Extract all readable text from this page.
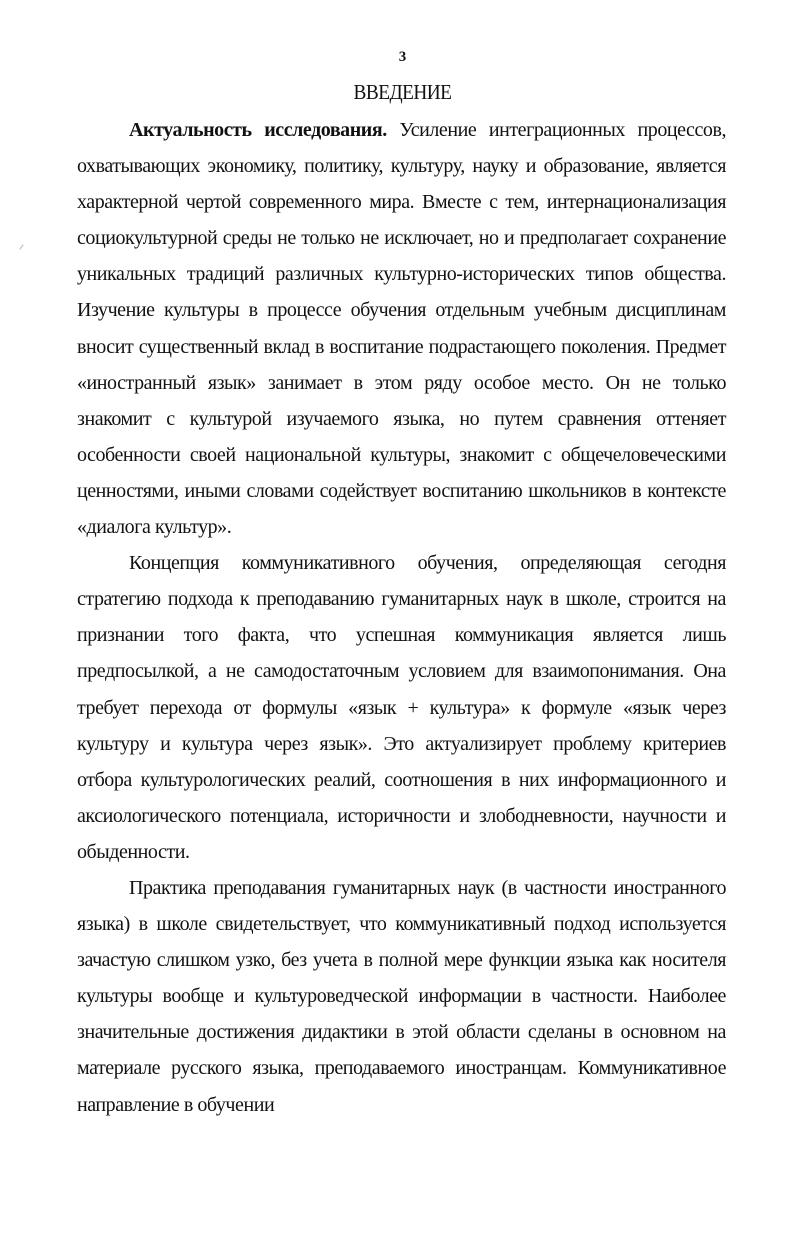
3
ВВЕДЕНИЕ

Актуальность исследования. Усиление интеграционных процессов, охватывающих экономику, политику, культуру, науку и образование, является характерной чертой современного мира. Вместе с тем, интернационализация социокультурной среды не только не исключает, но и предполагает сохранение уникальных традиций различных культурно-исторических типов общества. Изучение культуры в процессе обучения отдельным учебным дисциплинам вносит существенный вклад в воспитание подрастающего поколения. Предмет «иностранный язык» занимает в этом ряду особое место. Он не только знакомит с культурой изучаемого языка, но путем сравнения оттеняет особенности своей национальной культуры, знакомит с общечеловеческими ценностями, иными словами содействует воспитанию школьников в контексте «диалога культур».

Концепция коммуникативного обучения, определяющая сегодня стратегию подхода к преподаванию гуманитарных наук в школе, строится на признании того факта, что успешная коммуникация является лишь предпосылкой, а не самодостаточным условием для взаимопонимания. Она требует перехода от формулы «язык + культура» к формуле «язык через культуру и культура через язык». Это актуализирует проблему критериев отбора культурологических реалий, соотношения в них информационного и аксиологического потенциала, историчности и злободневности, научности и обыденности.

Практика преподавания гуманитарных наук (в частности иностранного языка) в школе свидетельствует, что коммуникативный подход используется зачастую слишком узко, без учета в полной мере функции языка как носителя культуры вообще и культуроведческой информации в частности. Наиболее значительные достижения дидактики в этой области сделаны в основном на материале русского языка, преподаваемого иностранцам. Коммуникативное направление в обучении
